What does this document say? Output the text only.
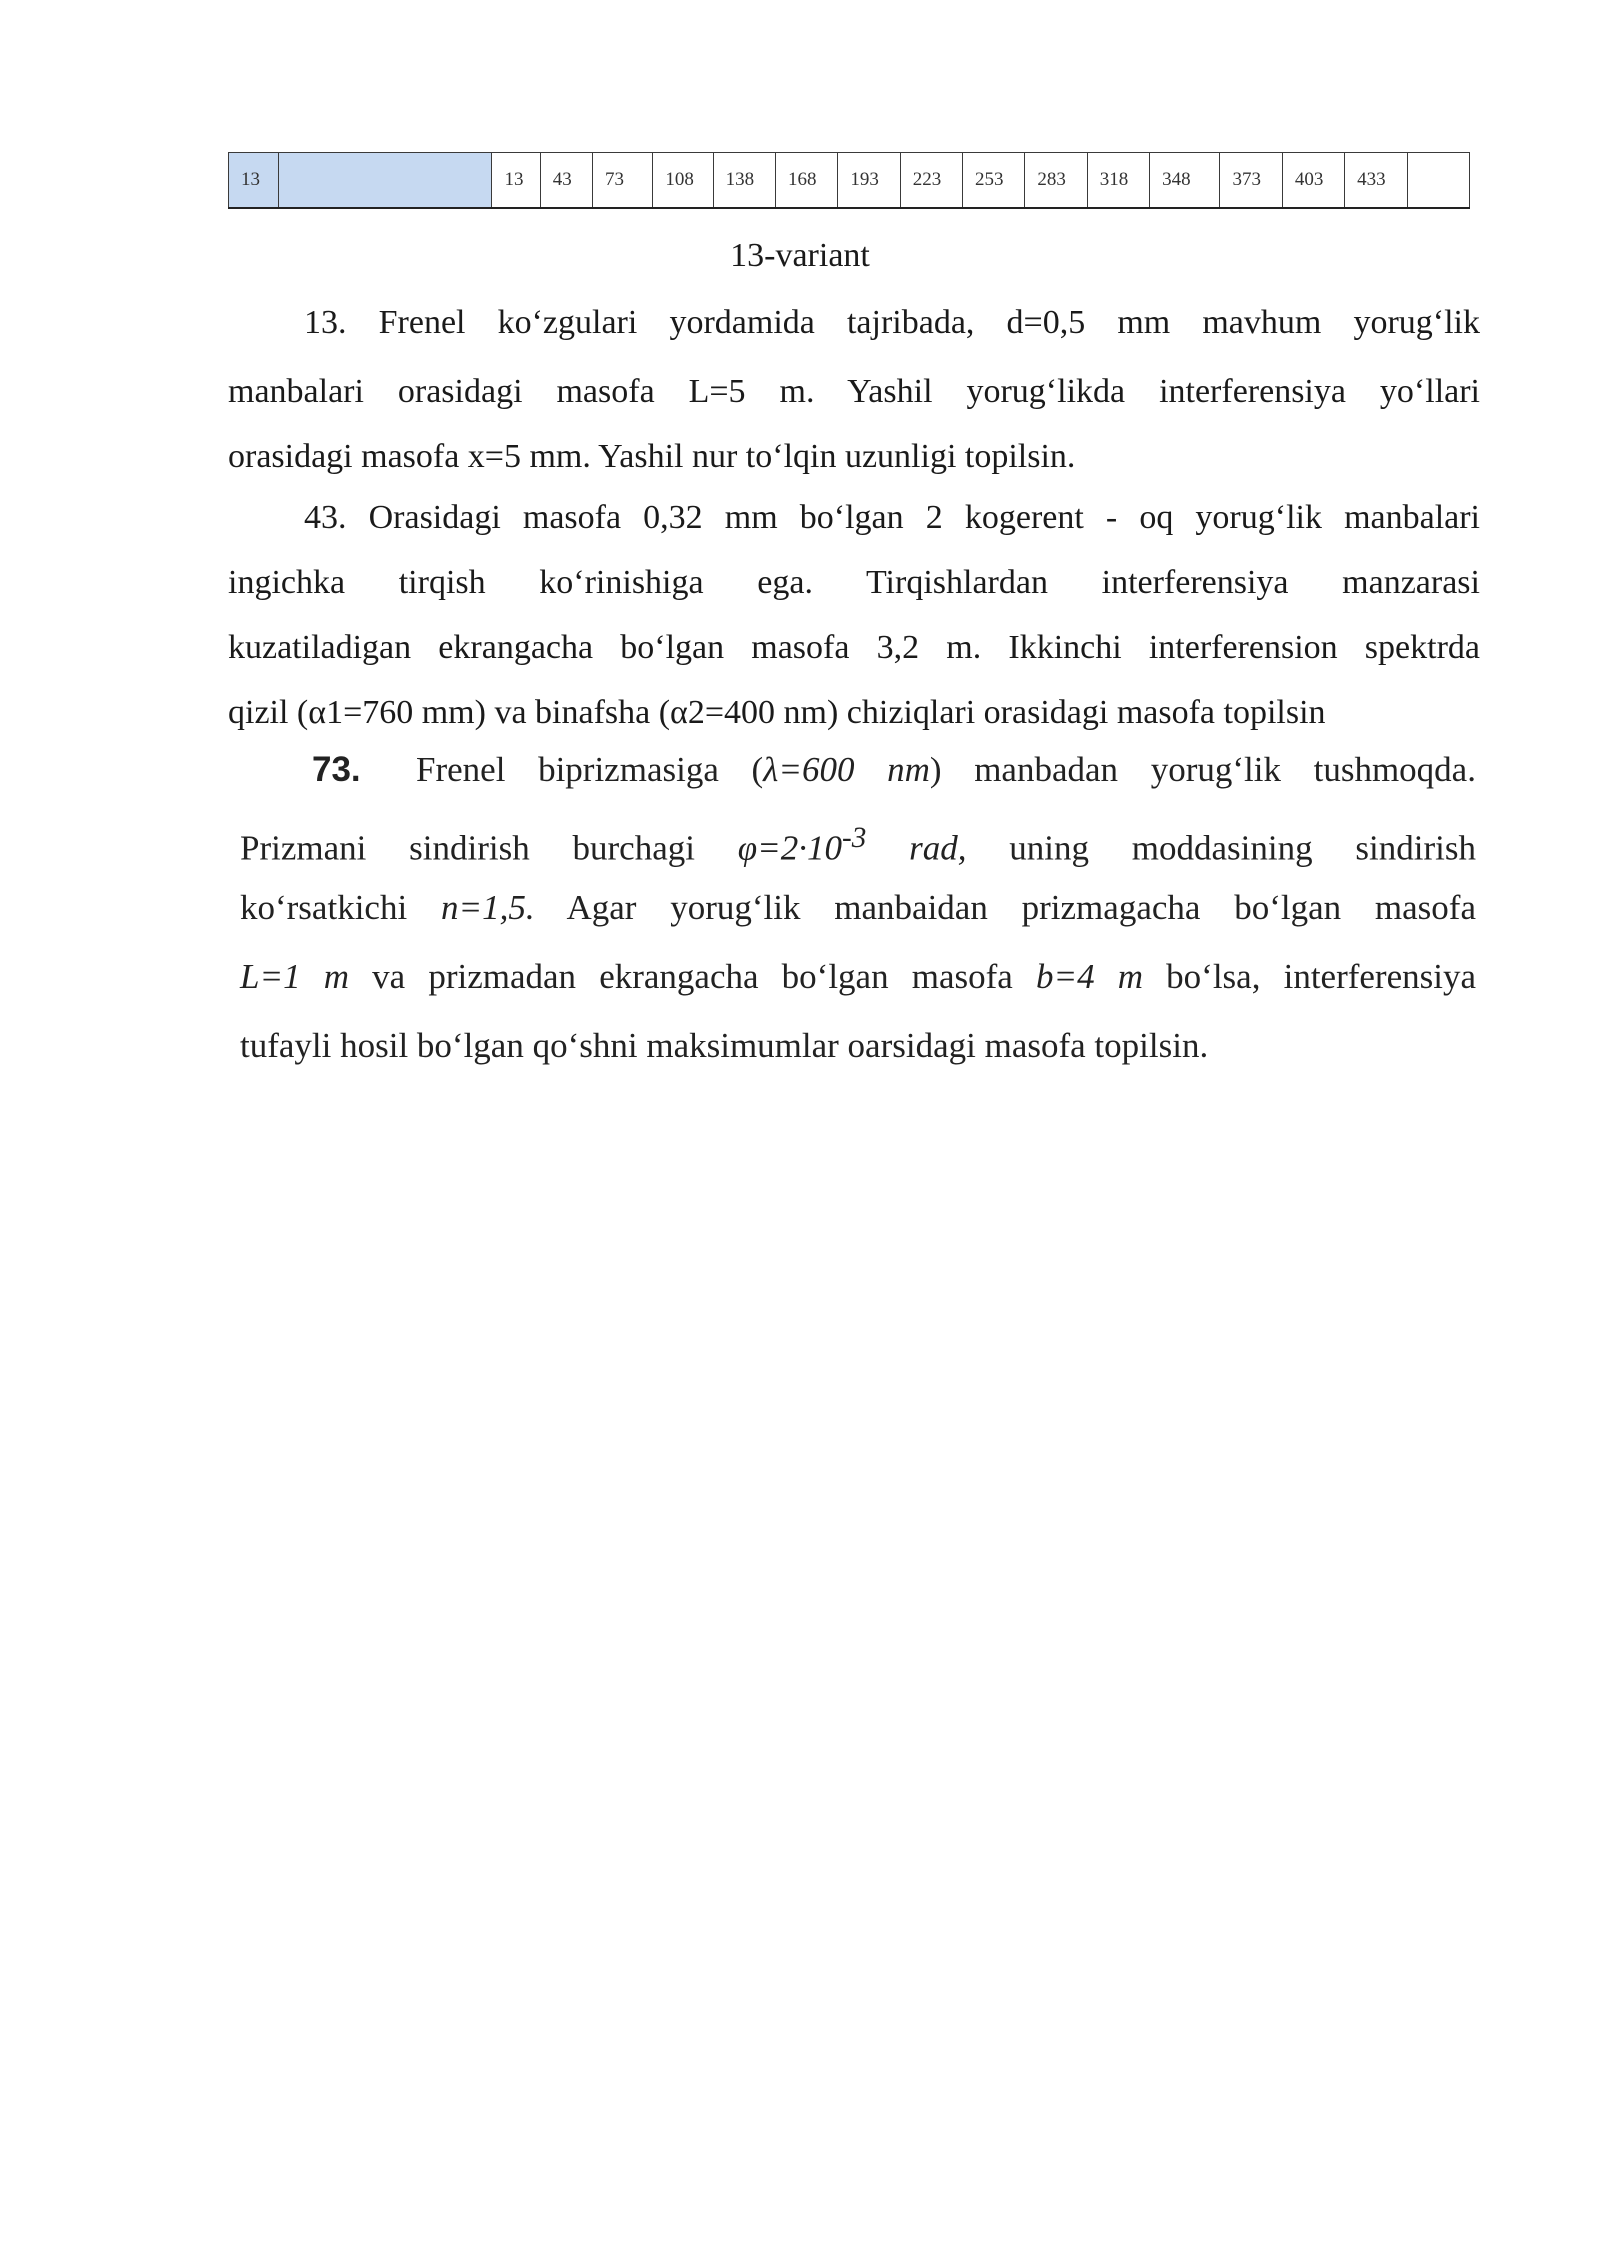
13		13	43	73	108	138	168	193	223	253	283	318	348	373	403	433	
13-variant

13. Frenel ko‘zgulari yordamida tajribada, d=0,5 mm mavhum yorug‘lik
manbalari orasidagi masofa L=5 m. Yashil yorug‘likda interferensiya yo‘llari
orasidagi masofa x=5 mm. Yashil nur to‘lqin uzunligi topilsin.

43. Orasidagi masofa 0,32 mm bo‘lgan 2 kogerent - oq yorug‘lik manbalari
ingichka tirqish ko‘rinishiga ega. Tirqishlardan interferensiya manzarasi
kuzatiladigan ekrangacha bo‘lgan masofa 3,2 m. Ikkinchi interferension spektrda
qizil (α1=760 mm) va binafsha (α2=400 nm) chiziqlari orasidagi masofa topilsin

73. Frenel biprizmasiga (λ=600 nm) manbadan yorug‘lik tushmoqda.
Prizmani sindirish burchagi $\varphi=2\cdot 10^{-3}$ rad, uning moddasining sindirish
ko‘rsatkichi n=1,5. Agar yorug‘lik manbaidan prizmagacha bo‘lgan masofa
L=1 m va prizmadan ekrangacha bo‘lgan masofa b=4 m bo‘lsa, interferensiya
tufayli hosil bo‘lgan qo‘shni maksimumlar oarsidagi masofa topilsin.
